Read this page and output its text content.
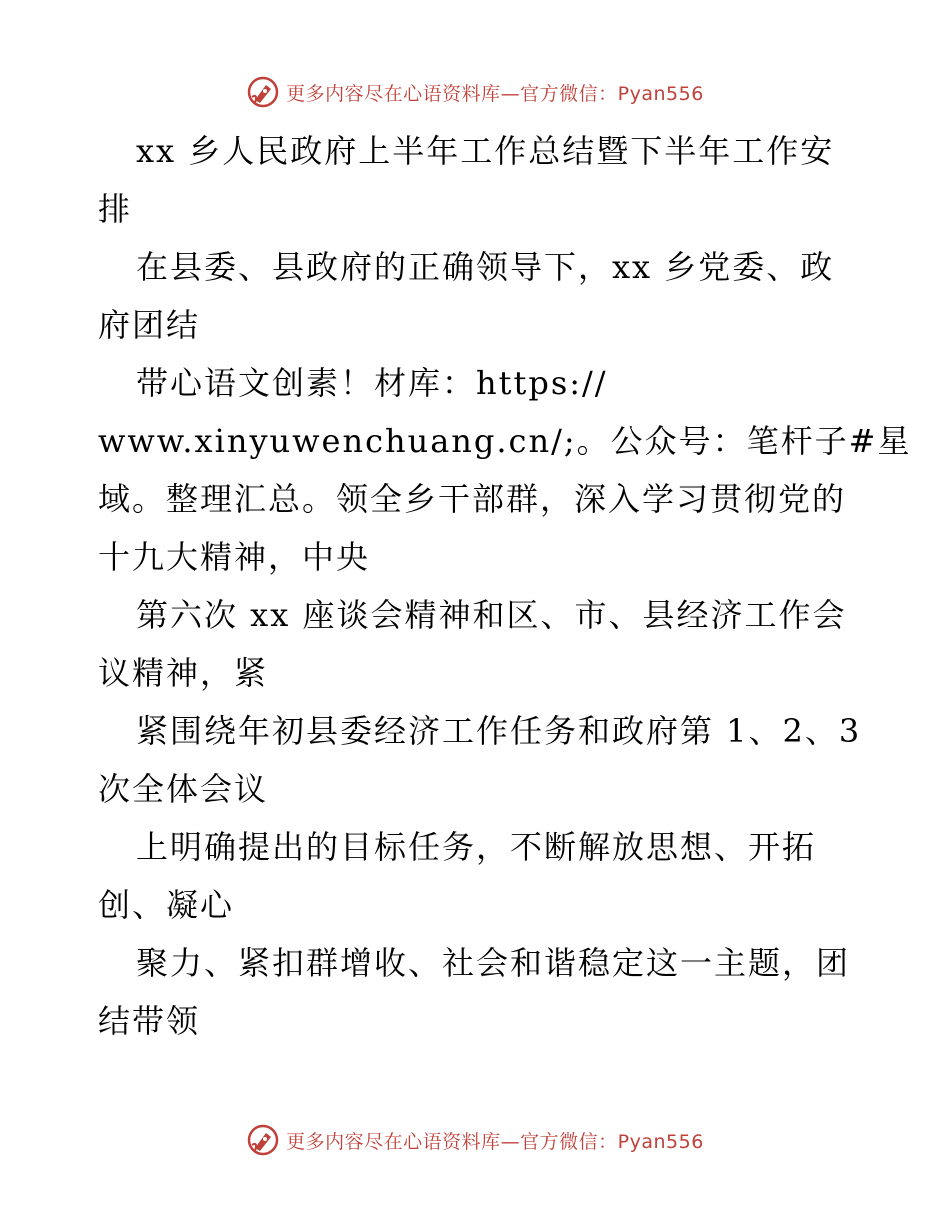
更多内容尽在心语资料库—官方微信：Pyan556
xx 乡人民政府上半年工作总结暨下半年工作安
排
在县委、县政府的正确领导下，xx 乡党委、政
府团结
带心语文创素！材库：https://
www.xinyuwenchuang.cn/;。公众号：笔杆子#星
域。整理汇总。领全乡干部群，深入学习贯彻党的
十九大精神，中央
第六次 xx 座谈会精神和区、市、县经济工作会
议精神，紧
紧围绕年初县委经济工作任务和政府第 1、2、3
次全体会议
上明确提出的目标任务，不断解放思想、开拓
创、凝心
聚力、紧扣群增收、社会和谐稳定这一主题，团
结带领
更多内容尽在心语资料库—官方微信：Pyan556
